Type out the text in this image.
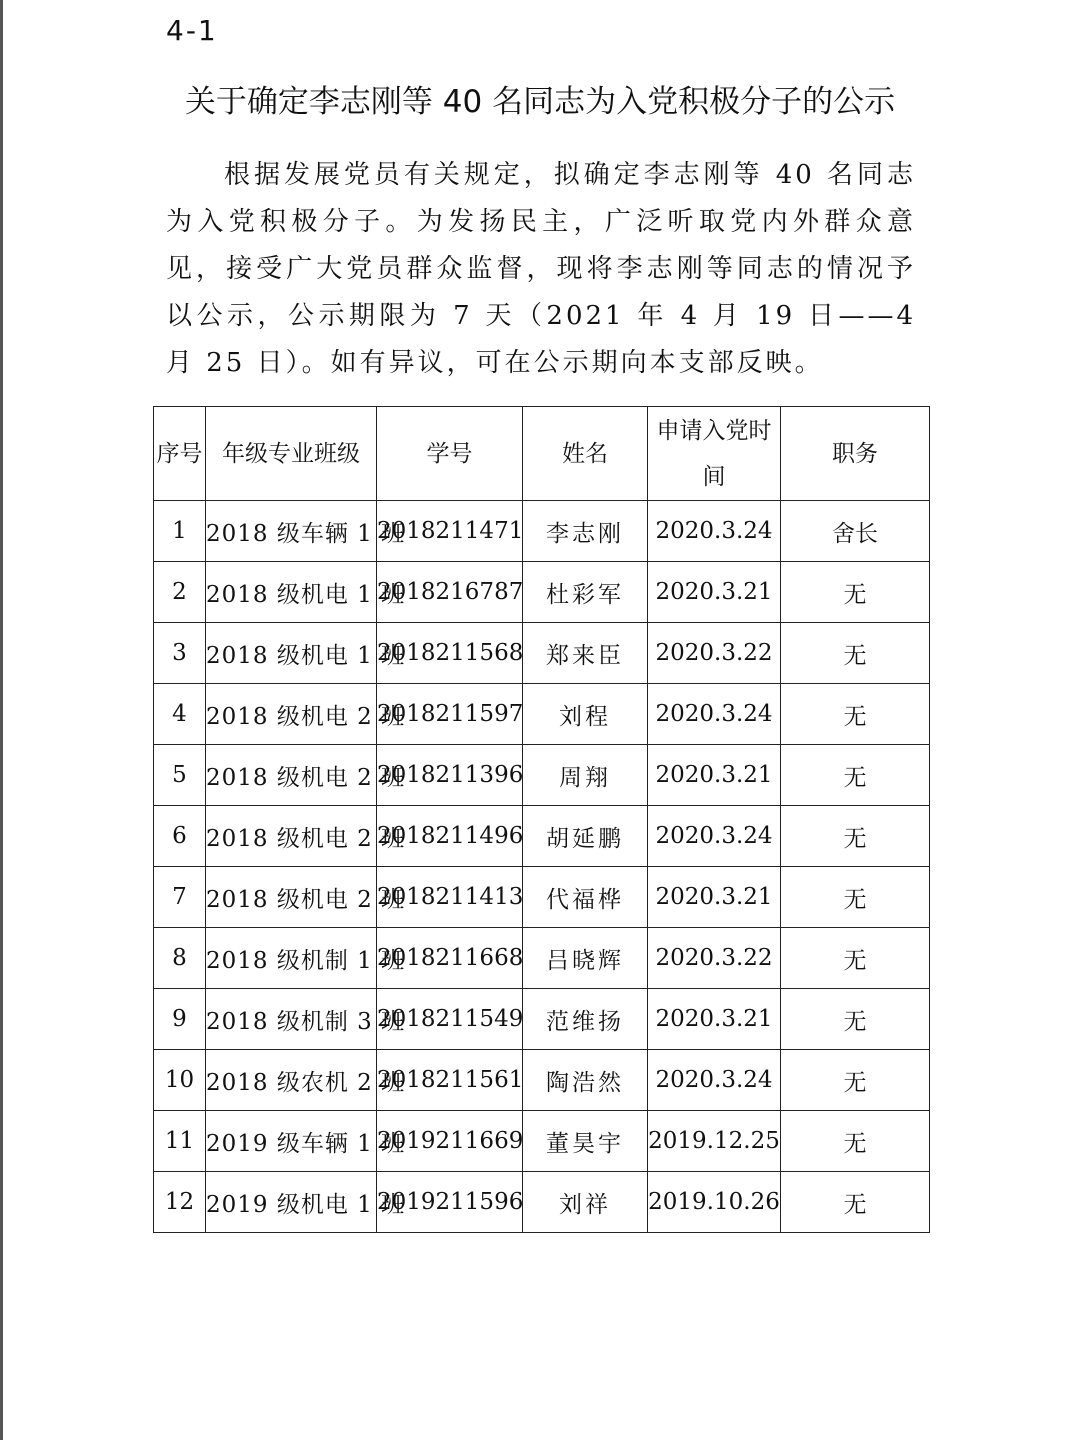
4-1
关于确定李志刚等 40 名同志为入党积极分子的公示
根据发展党员有关规定，拟确定李志刚等 40 名同志为入党积极分子。为发扬民主，广泛听取党内外群众意见，接受广大党员群众监督，现将李志刚等同志的情况予以公示，公示期限为 7 天（2021 年 4 月 19 日——4 月 25 日）。如有异议，可在公示期向本支部反映。
序号	年级专业班级	学号	姓名	申请入党时间	职务
1	2018 级车辆 1 班	2018211471	李志刚	2020.3.24	舍长
2	2018 级机电 1 班	2018216787	杜彩军	2020.3.21	无
3	2018 级机电 1 班	2018211568	郑来臣	2020.3.22	无
4	2018 级机电 2 班	2018211597	刘程	2020.3.24	无
5	2018 级机电 2 班	2018211396	周翔	2020.3.21	无
6	2018 级机电 2 班	2018211496	胡延鹏	2020.3.24	无
7	2018 级机电 2 班	2018211413	代福桦	2020.3.21	无
8	2018 级机制 1 班	2018211668	吕晓辉	2020.3.22	无
9	2018 级机制 3 班	2018211549	范维扬	2020.3.21	无
10	2018 级农机 2 班	2018211561	陶浩然	2020.3.24	无
11	2019 级车辆 1 班	2019211669	董昊宇	2019.12.25	无
12	2019 级机电 1 班	2019211596	刘祥	2019.10.26	无
